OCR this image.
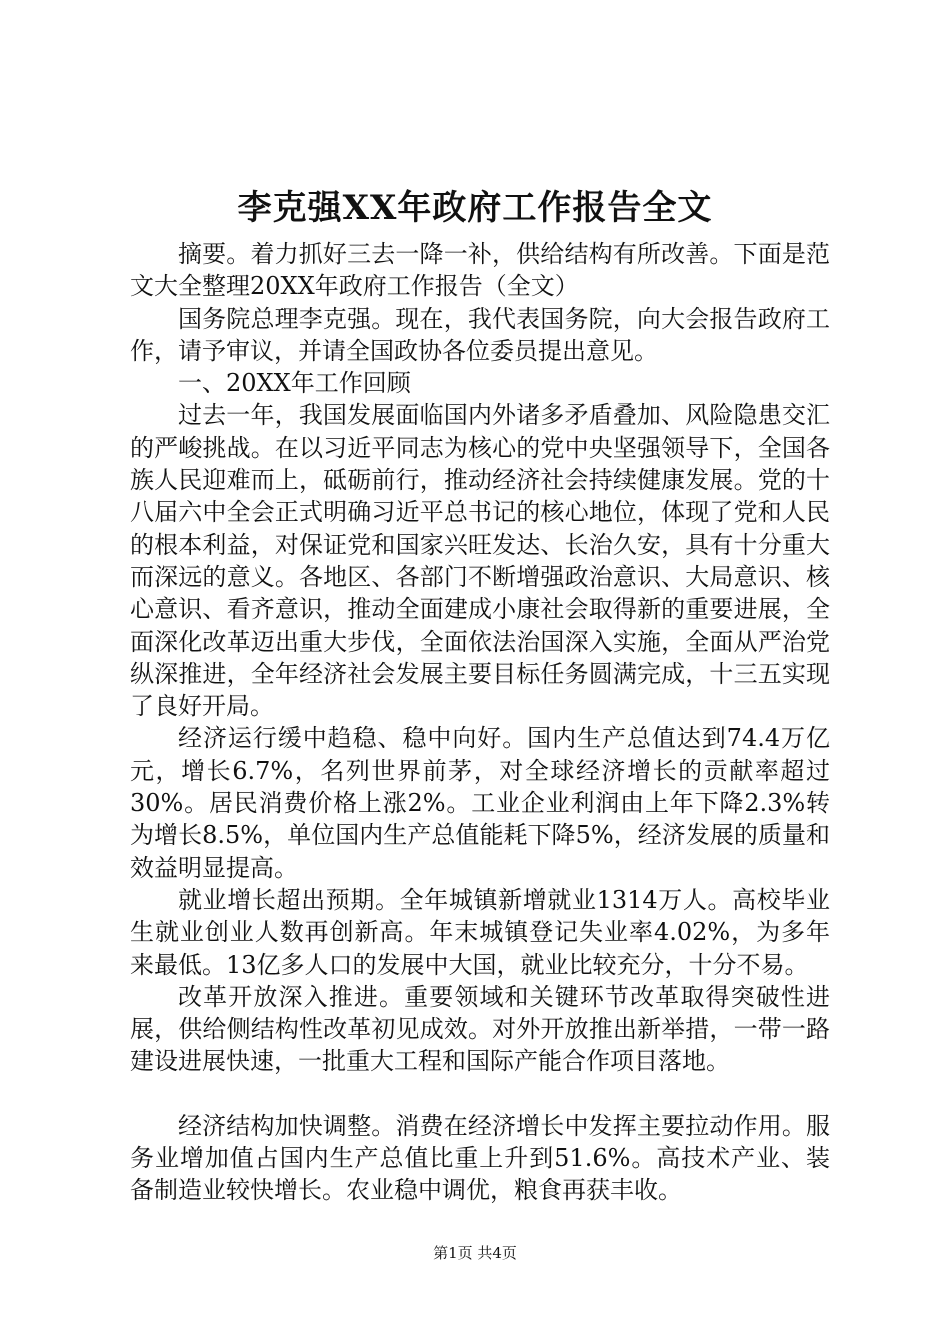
李克强XX年政府工作报告全文

摘要。着力抓好三去一降一补，供给结构有所改善。下面是范文大全整理20XX年政府工作报告（全文）

国务院总理李克强。现在，我代表国务院，向大会报告政府工作，请予审议，并请全国政协各位委员提出意见。

一、20XX年工作回顾

过去一年，我国发展面临国内外诸多矛盾叠加、风险隐患交汇的严峻挑战。在以习近平同志为核心的党中央坚强领导下，全国各族人民迎难而上，砥砺前行，推动经济社会持续健康发展。党的十八届六中全会正式明确习近平总书记的核心地位，体现了党和人民的根本利益，对保证党和国家兴旺发达、长治久安，具有十分重大而深远的意义。各地区、各部门不断增强政治意识、大局意识、核心意识、看齐意识，推动全面建成小康社会取得新的重要进展，全面深化改革迈出重大步伐，全面依法治国深入实施，全面从严治党纵深推进，全年经济社会发展主要目标任务圆满完成，十三五实现了良好开局。

经济运行缓中趋稳、稳中向好。国内生产总值达到74.4万亿元，增长6.7%，名列世界前茅，对全球经济增长的贡献率超过30%。居民消费价格上涨2%。工业企业利润由上年下降2.3%转为增长8.5%，单位国内生产总值能耗下降5%，经济发展的质量和效益明显提高。

就业增长超出预期。全年城镇新增就业1314万人。高校毕业生就业创业人数再创新高。年末城镇登记失业率4.02%，为多年来最低。13亿多人口的发展中大国，就业比较充分，十分不易。

改革开放深入推进。重要领域和关键环节改革取得突破性进展，供给侧结构性改革初见成效。对外开放推出新举措，一带一路建设进展快速，一批重大工程和国际产能合作项目落地。

经济结构加快调整。消费在经济增长中发挥主要拉动作用。服务业增加值占国内生产总值比重上升到51.6%。高技术产业、装备制造业较快增长。农业稳中调优，粮食再获丰收。

第1页 共4页
